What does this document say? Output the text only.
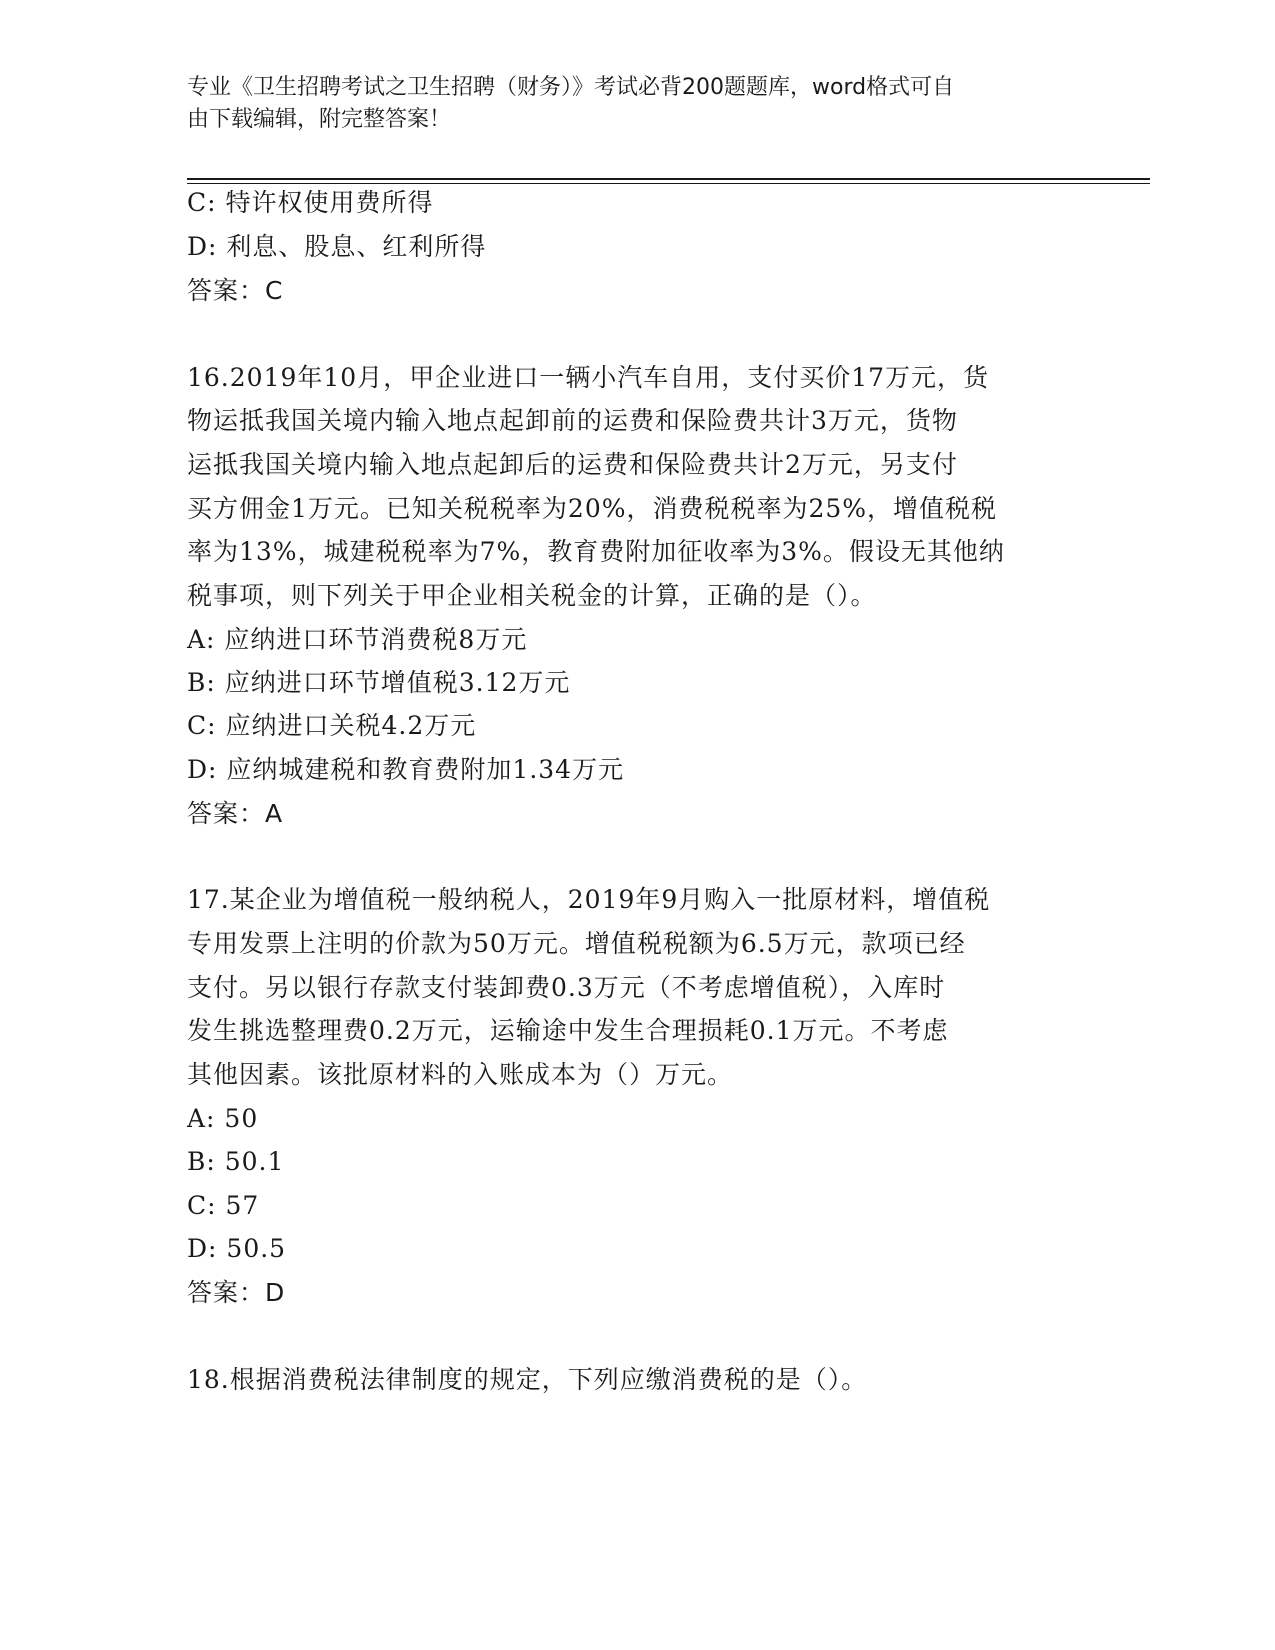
专业《卫生招聘考试之卫生招聘（财务）》考试必背200题题库，word格式可自
由下载编辑，附完整答案！
C: 特许权使用费所得
D: 利息、股息、红利所得
答案：C
16.2019年10月，甲企业进口一辆小汽车自用，支付买价17万元，货
物运抵我国关境内输入地点起卸前的运费和保险费共计3万元，货物
运抵我国关境内输入地点起卸后的运费和保险费共计2万元，另支付
买方佣金1万元。已知关税税率为20%，消费税税率为25%，增值税税
率为13%，城建税税率为7%，教育费附加征收率为3%。假设无其他纳
税事项，则下列关于甲企业相关税金的计算，正确的是（）。
A: 应纳进口环节消费税8万元
B: 应纳进口环节增值税3.12万元
C: 应纳进口关税4.2万元
D: 应纳城建税和教育费附加1.34万元
答案：A
17.某企业为增值税一般纳税人，2019年9月购入一批原材料，增值税
专用发票上注明的价款为50万元。增值税税额为6.5万元，款项已经
支付。另以银行存款支付装卸费0.3万元（不考虑增值税），入库时
发生挑选整理费0.2万元，运输途中发生合理损耗0.1万元。不考虑
其他因素。该批原材料的入账成本为（）万元。
A: 50
B: 50.1
C: 57
D: 50.5
答案：D
18.根据消费税法律制度的规定，下列应缴消费税的是（）。
